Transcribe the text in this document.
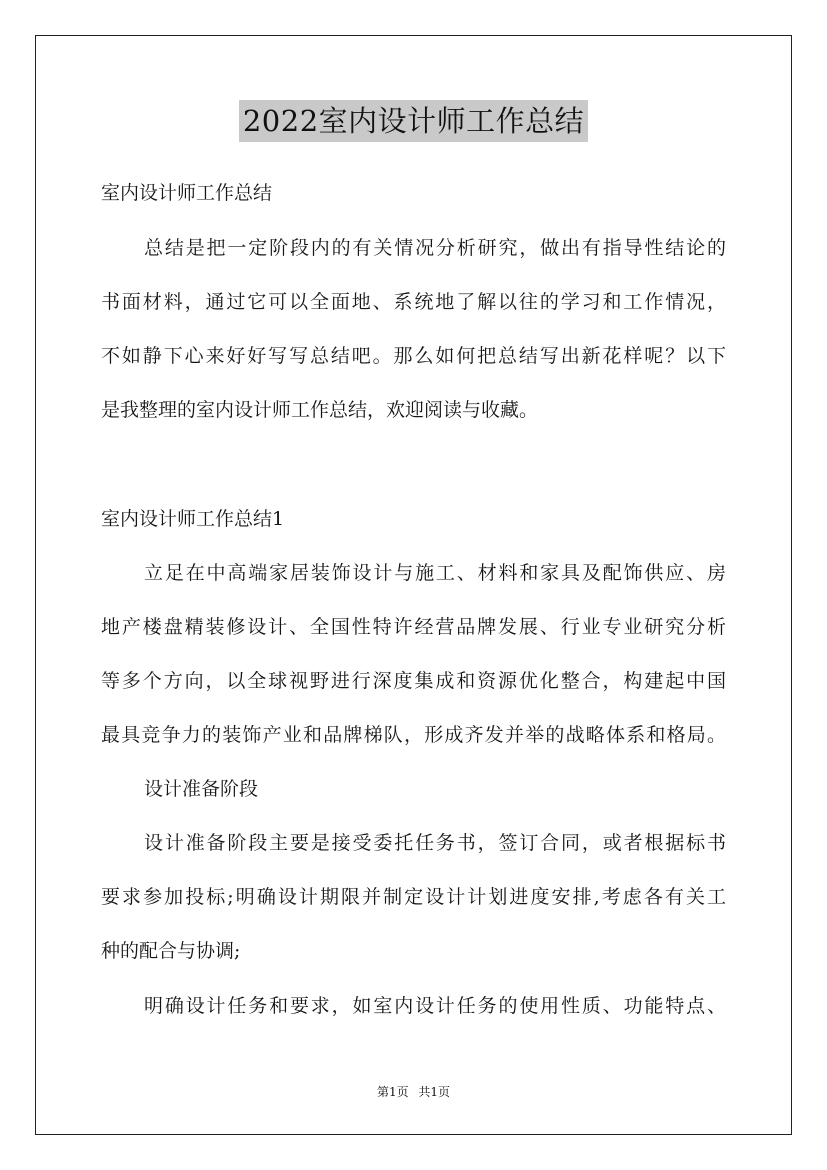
2022室内设计师工作总结
室内设计师工作总结
总结是把一定阶段内的有关情况分析研究，做出有指导性结论的
书面材料，通过它可以全面地、系统地了解以往的学习和工作情况，
不如静下心来好好写写总结吧。那么如何把总结写出新花样呢？以下
是我整理的室内设计师工作总结，欢迎阅读与收藏。
室内设计师工作总结1
立足在中高端家居装饰设计与施工、材料和家具及配饰供应、房
地产楼盘精装修设计、全国性特许经营品牌发展、行业专业研究分析
等多个方向，以全球视野进行深度集成和资源优化整合，构建起中国
最具竞争力的装饰产业和品牌梯队，形成齐发并举的战略体系和格局。
设计准备阶段
设计准备阶段主要是接受委托任务书，签订合同，或者根据标书
要求参加投标;明确设计期限并制定设计计划进度安排,考虑各有关工
种的配合与协调;
明确设计任务和要求，如室内设计任务的使用性质、功能特点、
第1页 共1页
